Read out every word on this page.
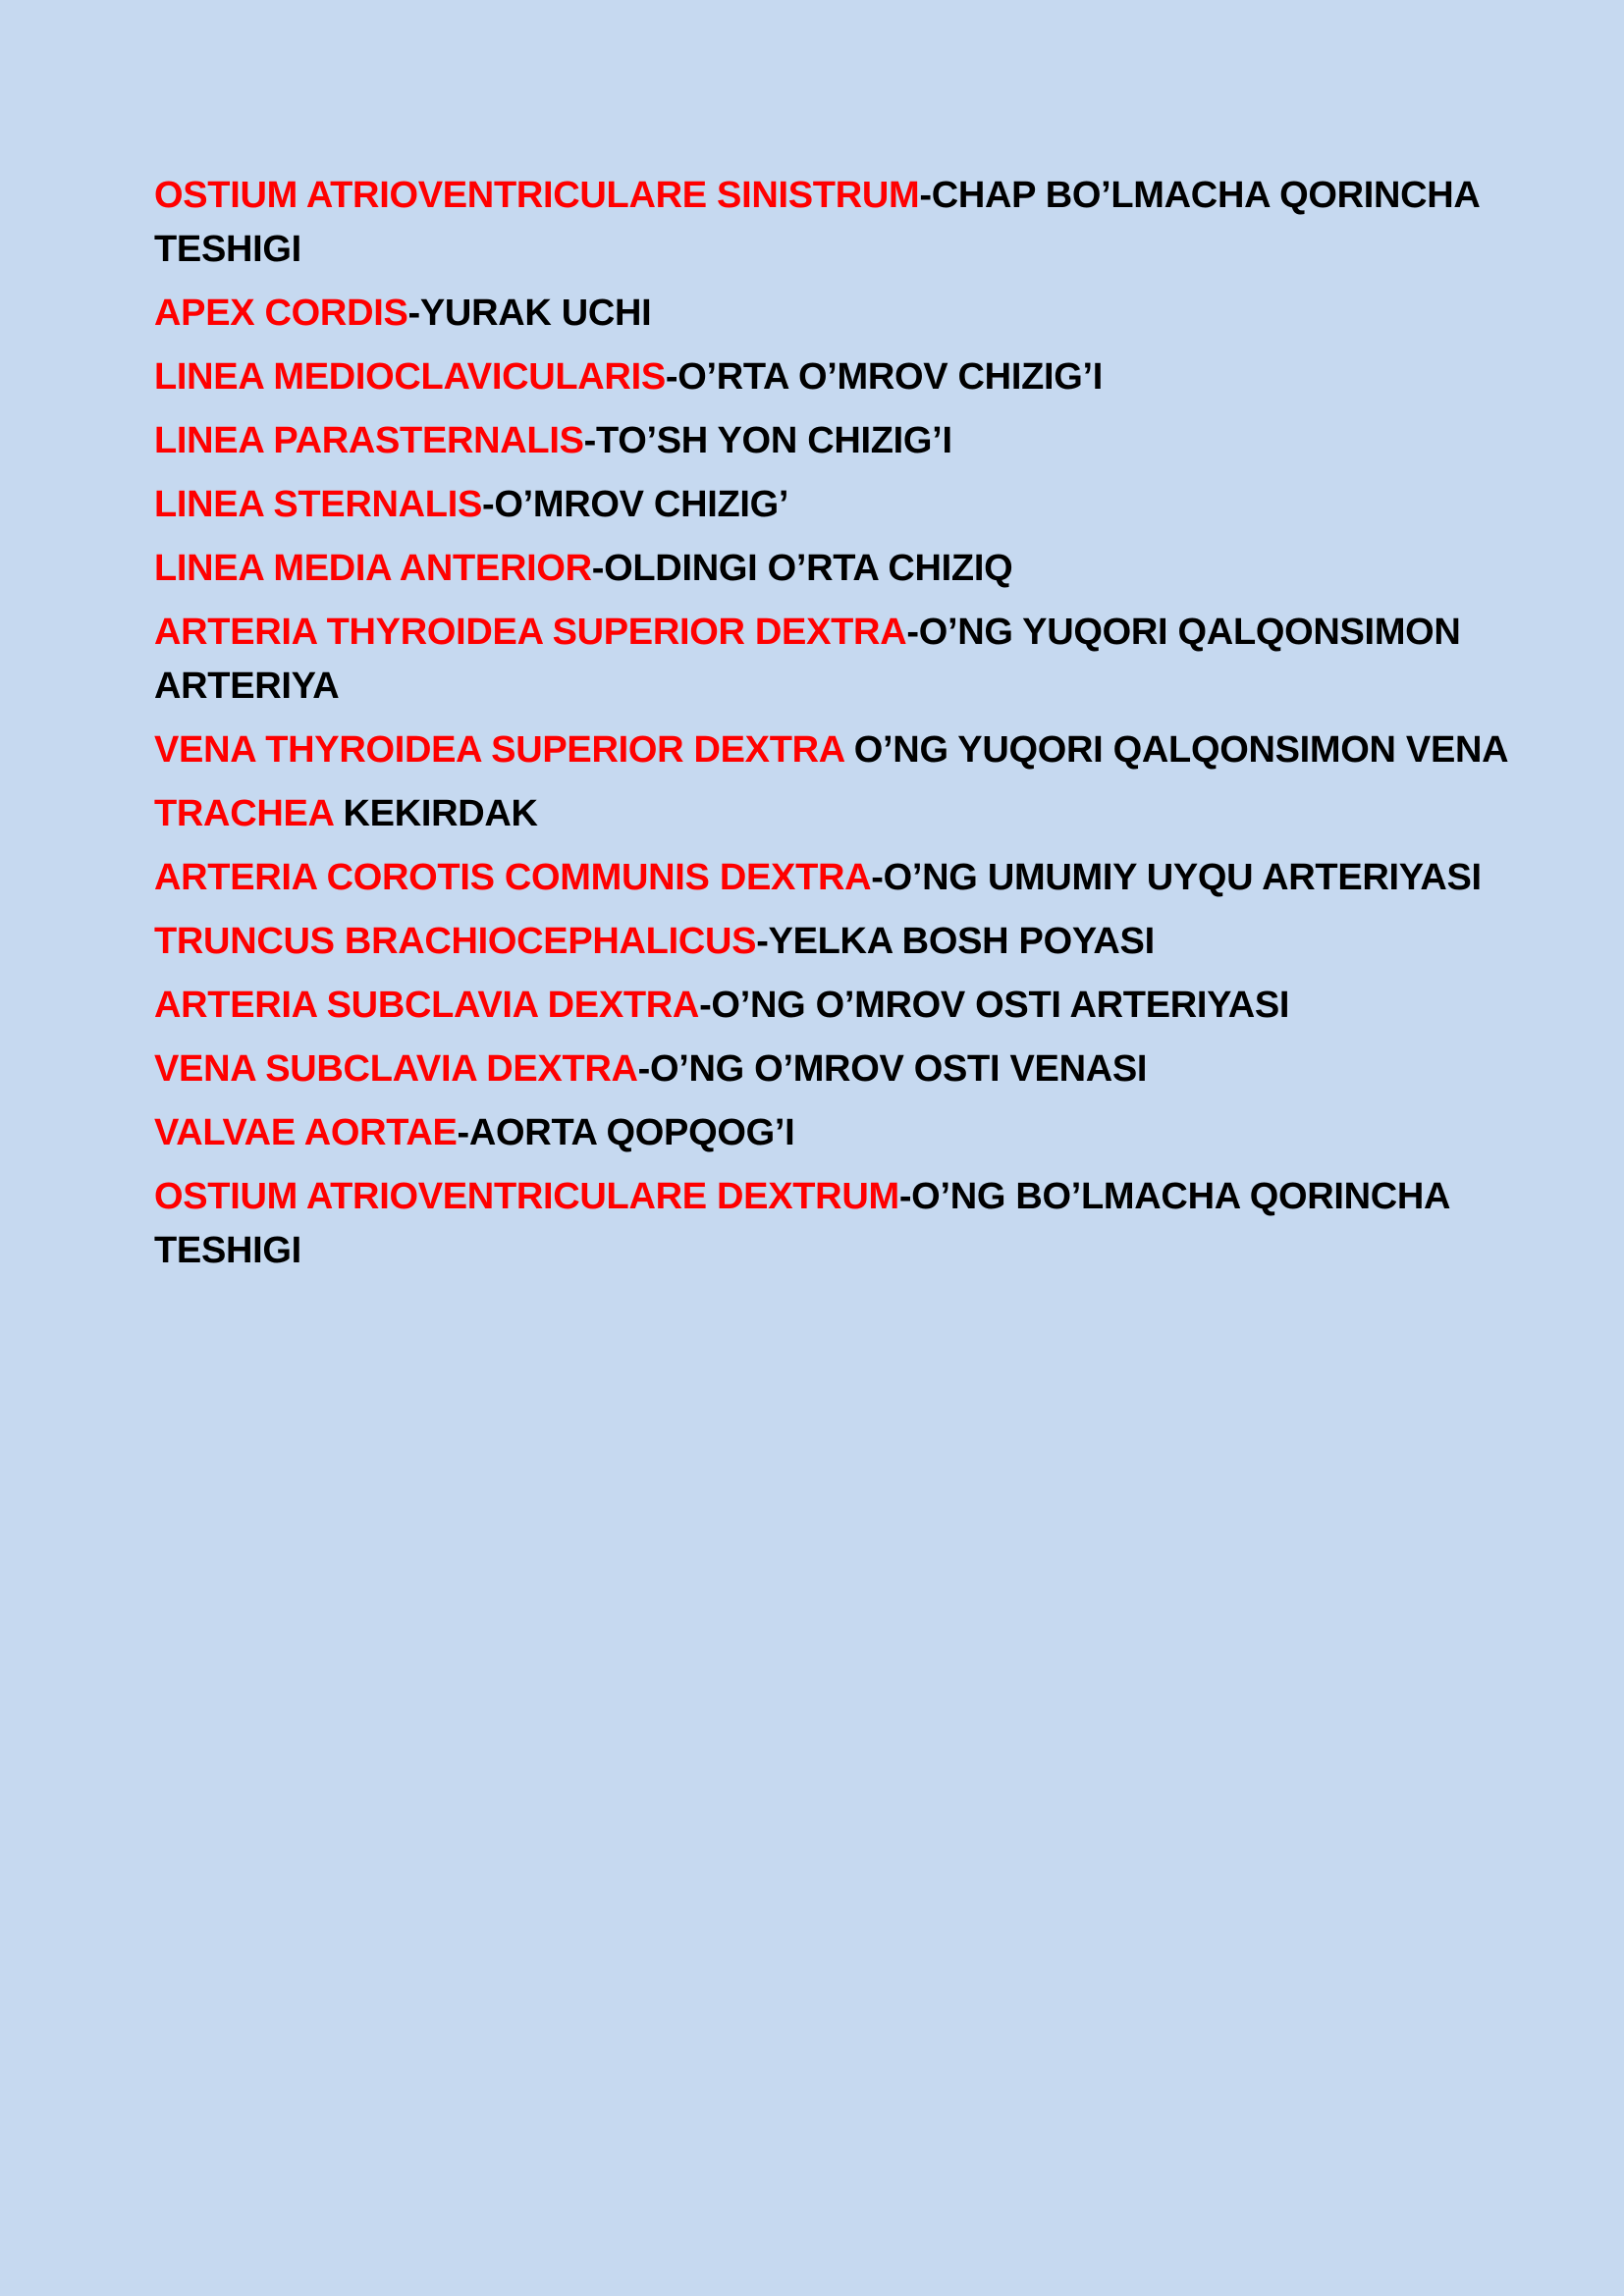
OSTIUM ATRIOVENTRICULARE SINISTRUM-CHAP BO’LMACHA QORINCHA TESHIGI

APEX CORDIS-YURAK UCHI

LINEA MEDIOCLAVICULARIS-O’RTA O’MROV CHIZIG’I

LINEA PARASTERNALIS-TO’SH YON CHIZIG’I

LINEA STERNALIS-O’MROV CHIZIG’

LINEA MEDIA ANTERIOR-OLDINGI O’RTA CHIZIQ

ARTERIA THYROIDEA SUPERIOR DEXTRA-O’NG YUQORI QALQONSIMON ARTERIYA

VENA THYROIDEA SUPERIOR DEXTRA O’NG YUQORI QALQONSIMON VENA

TRACHEA KEKIRDAK

ARTERIA COROTIS COMMUNIS DEXTRA-O’NG UMUMIY UYQU ARTERIYASI

TRUNCUS BRACHIOCEPHALICUS-YELKA BOSH POYASI

ARTERIA SUBCLAVIA DEXTRA-O’NG O’MROV OSTI ARTERIYASI

VENA SUBCLAVIA DEXTRA-O’NG O’MROV OSTI VENASI

VALVAE AORTAE-AORTA QOPQOG’I

OSTIUM ATRIOVENTRICULARE DEXTRUM-O’NG BO’LMACHA QORINCHA TESHIGI
